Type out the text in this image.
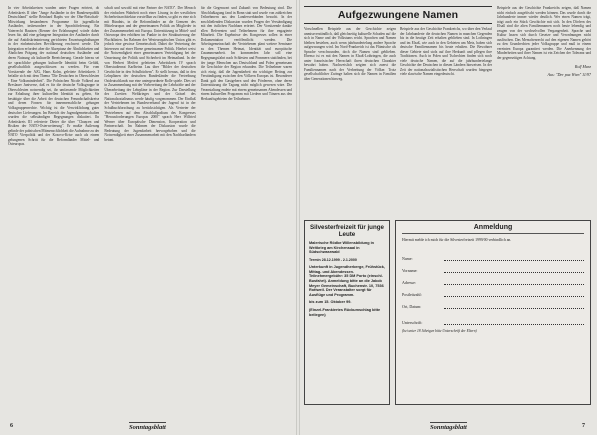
In vier Arbeitskreisen wurden unter Fragen erörtert, ob Arbeitskreis II über "Junge Ausländer in der Bundesrepublik Deutschland" stellte Reinhard Raphs vor der Ohn-Botschaft- Mitwirkung bestandenen Programme für jugendliche Ausländer, insbesondere in der Sprachförderung. Ein Vaterrecht Bautzen (Kenner der Erfahrungen) würde daher lesen für, daß eine gelungene Integration der Ausländer durch die auf Antidiskriminierung gerichteten Erwartungshaltungen in der einheimischen Bevölkerung erschwert werde. Die Integration erfordert aber die Akzeptanz der Ähnlichkeiten und Ähnlichen Prägung der national deutschen Ausländer und deren Nutzung als kulturelle Bereicherung. Gerade hierzu sei sie sprachliche gelungen kulturelle Identität beim Gefühl, gesellschaftlich ausgeschlossen zu werden. Für vom Vorsitzende der AJG, Hans Kolm, geleitete Arbeitskreis 3 befaßte sich mit dem Thema "Die Deutschen in Oberschlesien - Eine Volksminderheit". Die Polnischen Nicole Volkerd aus Breslauer Juniverse, daß es für die deutsche Volksgruppe in Oberschlesien notwendig sei, ihr umfassende Möglichkeiten zur Erhaltung ihrer kulturellen Identität zu geben, Sie bestätigte über die Arbeit der deutschen Freundschaftskreise und deren Fonsen für innermenschliche gelungen Volksgruppenrechte. Wichtig ist die Verwirklichung guter deutscher Lieferungen. Im Bereich der Jugendgemeinschaften wurden die selbständigen Begegnungen diskutiert. Ihr Arbeitskreis III referierte Dieter die über "Chancen und Risiken der NATO-Osterweiterung". Er mußte Äußerung gelinde der polnischen Mitmenschlichkeit die Aufnahme zu der NATO Vierpolitik und der Kosovo-Krise auch als einem gelungenen Schritt für die Reformländer Mittel- und Osteuropas.

schaft und sowohl mit eine Partner der NATO". Der Mensch der einfachen Wahrheit noch einer Lösung in der westlichen Sicherheitsarchitektur vorstellbar zu finden, so gibt es eine sich mit Bündnis, in die Reformländer an die Grenzen des Mitteleuropas und der gemeinsamen Politik an Mitglieder in der Zusammenarbeit mit Europa. Unterstützung in Mittel- und Osteuropa den erhöhten im Punkte in der Strukturierung der Fluchtlinien. Im Rahmen der Westeuropäischen Union gibt es jedoch eine gewisse Gemeinschaft. Dabei die Vertretung der Interessen auf einer Ebene gemeinsamer Politik. Hierbei weist die Notwendigkeit einer gemeinsamen Verteidigung bei der Umsetzung der Politik und Sicherheit im Heimatland. In der von Herbert Meifert geleiteten Arbeitskreis IV sprach Oberstudienrat Karlheinz Lau über "Bilder der deutschen Geschichte in den Schulbüchern". Er stellt heraus, daß in den Lehrplänen der deutschen Bundesländer die Vertreibung Ostdeutschlands nur eine untergeordnete Rolle spiele. Dies sei in Zusammenhang mit der Vorbereitung der Lehrkräfte und der Überarbeitung der Lehrpläne in der Region. Zur Darstellung des Zweiten Weltkrieges und der Gräuel des Nationalsozialismus werde häufig vorgenommen. Der Einfluß der Vertriebenen im Bundesverband der Jugend ist in der Schulbuchforschung zu berücksichtigen. Als Vertreter der Vertriebenen auf dem Abschlußpodium des Kongresses "Herausforderungen Europas 2000" sprach Herr Wilfried Werner über Europäische Dimension, Kooperation und Partnerschaft. Im Rahmen der Diskussion wurde die Bedeutung der Jugendarbeit hervorgehoben und die Notwendigkeit einer Zusammenarbeit mit den Nachbarländern betont.

für die Gegenwart und Zukunft von Bedeutung sind. Die Abschlußtagung fand in Bonn statt und wurde von zahlreichen Teilnehmern aus den Landesverbänden besucht. In der anschließenden Diskussion wurden Fragen der Verständigung mit den östlichen Nachbarn erörtert. Der Vorsitzende dankte allen Referenten und Teilnehmern für ihre engagierte Mitarbeit. Die Ergebnisse des Kongresses sollen in einer Dokumentation veröffentlicht werden. Die Arbeitsgemeinschaft der Vertriebenen plant weitere Seminare zu den Themen Heimat, Identität und europäische Zusammenarbeit. Im kommenden Jahr soll eine Begegnungsfahrt nach Schlesien und Pommern stattfinden, bei der junge Menschen aus Deutschland und Polen gemeinsam die Geschichte der Region erkunden. Die Teilnehmer waren sich einig, daß die Jugendarbeit ein wichtiger Beitrag zur Verständigung zwischen den Völkern Europas ist. Besonderer Dank galt den Gastgebern und den Förderern, ohne deren Unterstützung die Tagung nicht möglich gewesen wäre. Die Veranstaltung endete mit einem gemeinsamen Abendessen und einem kulturellen Programm mit Liedern und Tänzen aus den Herkunftsgebieten der Teilnehmer.

6	Sonntagsblatt
Aufgezwungene Namen

Vorschnellen Beispiele aus der Geschichte zeigen unmissverständlich, daß gleichzeitig kulturelle Schaden auf die sich in Name und der Volkstums reicht. Sprachen und Namen bleiben bestehen, auch wenn jahrhundertelang andere Sprache aufgezwungen wird. Im Nord-Frankreich ist das Flämische als Sprache verschwunden, doch die Namen sind geblieben. Ebenso ist es mit den Namen in Elsaß-Lothringen, die auch unter französischer Herrschaft ihren deutschen Charakter bewahrt haben. Nachweislich zeigten sich zuerst die Familiennamen nach der Verbreitung der Völker. Trotz gesellschaftlicher Zwänge halten sich die Namen in Familien über Generationen hinweg.

Beispiele aus der Geschichte Frankreichs, wo über den Verlauf der Jahrhunderte die deutschen Namen in manchen Gegenden bis in die heutige Zeit erhalten geblieben sind. In Lothringen und im Elsaß, wie auch in den Gebieten um Metz, haben sich deutsche Familiennamen bis heute erhalten. Die Bewohner dieser Gebiete sind stolz auf ihre Herkunft und pflegen ihre Traditionen. Auch in Polen und Tschechien finden sich noch viele deutsche Namen, die auf die jahrhundertelange Geschichte der Deutschen in diesen Ländern hinweisen. In der Zeit der nationalsozialistischen Herrschaft wurden hingegen viele slawische Namen eingedeutscht.

Beispiele aus der Geschichte Frankreichs zeigen, daß Namen nicht einfach ausgelöscht werden können. Das wurde durch die Jahrhunderte immer wieder deutlich. Wer einen Namen trägt, trägt auch ein Stück Geschichte mit sich. In den Dörfern des Elsaß sind die alten Familiennamen noch heute lebendig und zeugen von der wechselvollen Vergangenheit. Sprache und Kultur lassen sich durch Gesetze und Verordnungen nicht auslöschen. Das Menschenrecht auf den eigenen Namen gehört zu den Grundrechten jeder Volksgruppe und muß in einem vereinten Europa garantiert werden. Die Anerkennung der Minderheiten und ihrer Namen ist ein Zeichen der Toleranz und der gegenseitigen Achtung.

Rolf Marz
Aus: "Der pax Wien" 11/97
Silvesterfreizeit für junge Leute
Malerische Rödbe Willensbildung in Weltkrieg am Kirchensaal in Südschwarzwald
Termin 28.12.1999 - 2.1.2000
Unterkunft in Jugendherberge, Frühstück, Mittag- und Abendessen. Teilnehmergebühr: 35 DM Porto (einschl. Busfahrt). Anmeldung bitte an die Jakob Meyer Gemeinschaft, Buchenstr. 10, 7536 Rottweil. Der Veranstalter sorgt für Ausflüge und Programm.
bis zum 15. Oktober 99.
(Einzel-Frankiertes Rückumschlag bitte beilegen)
Anmeldung
Hiermit melde ich mich für die Silvesterfreizeit 1999/00 verbindlich an.
Name:
Vorname:
Adresse:
Postleitzahl:
Ort, Datum:
Unterschrift:
(bei unter 18 Jährigen bitte Unterschrift der Eltern)
7
Sonntagsblatt
